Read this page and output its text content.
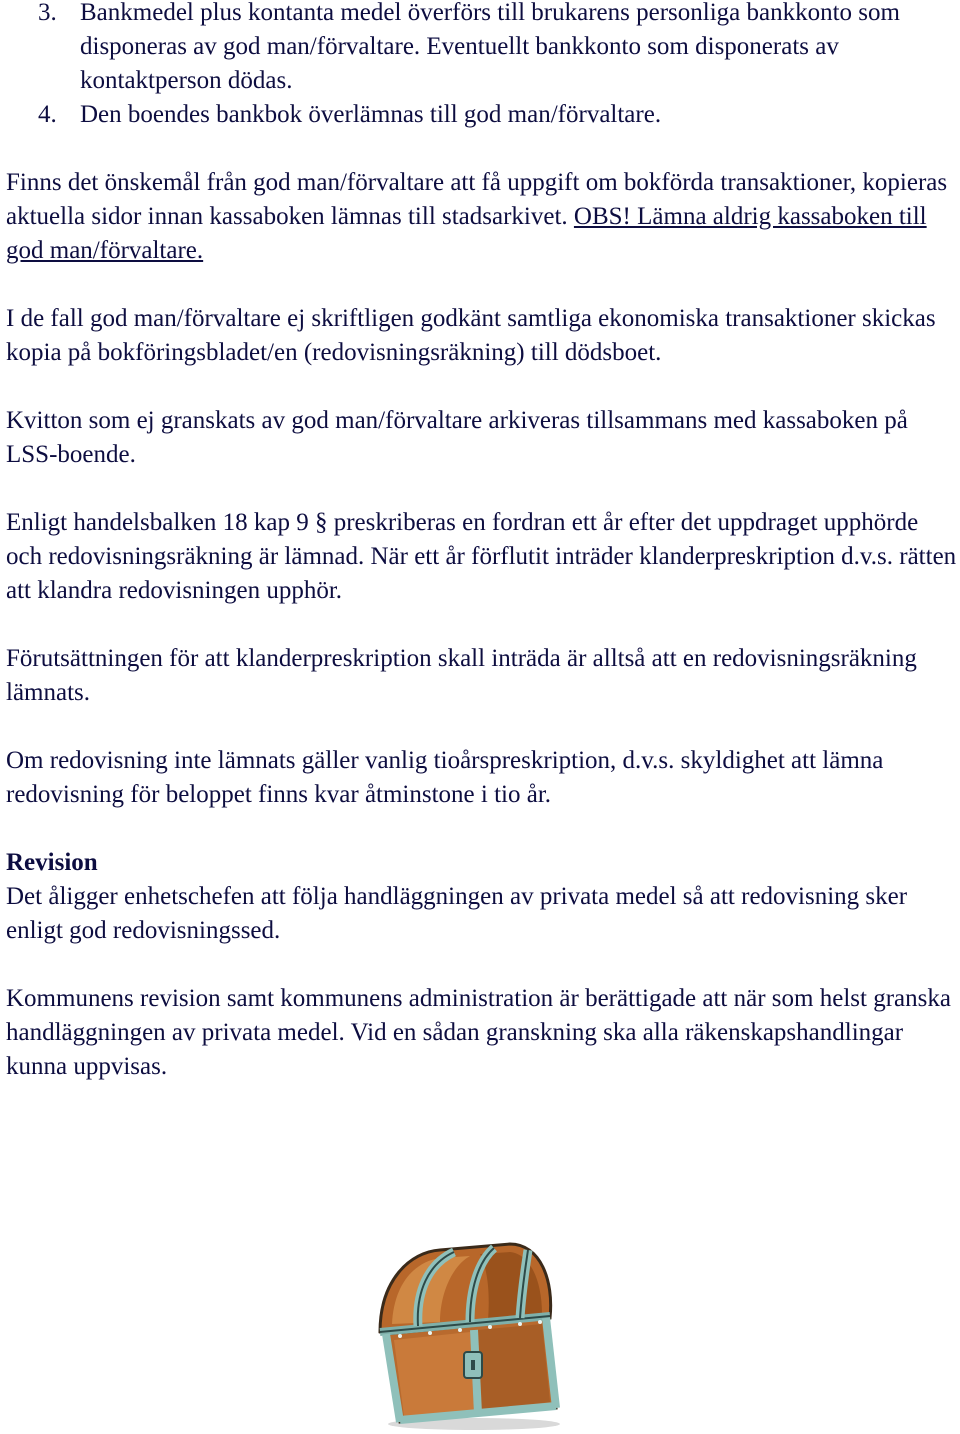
3. Bankmedel plus kontanta medel överförs till brukarens personliga bankkonto som disponeras av god man/förvaltare. Eventuellt bankkonto som disponerats av kontaktperson dödas.
4. Den boendes bankbok överlämnas till god man/förvaltare.

Finns det önskemål från god man/förvaltare att få uppgift om bokförda transaktioner, kopieras aktuella sidor innan kassaboken lämnas till stadsarkivet. OBS! Lämna aldrig kassaboken till god man/förvaltare.

I de fall god man/förvaltare ej skriftligen godkänt samtliga ekonomiska transaktioner skickas kopia på bokföringsbladet/en (redovisningsräkning) till dödsboet.

Kvitton som ej granskats av god man/förvaltare arkiveras tillsammans med kassaboken på LSS-boende.

Enligt handelsbalken 18 kap 9 § preskriberas en fordran ett år efter det uppdraget upphörde och redovisningsräkning är lämnad. När ett år förflutit inträder klanderpreskription d.v.s. rätten att klandra redovisningen upphör.

Förutsättningen för att klanderpreskription skall inträda är alltså att en redovisningsräkning lämnats.

Om redovisning inte lämnats gäller vanlig tioårspreskription, d.v.s. skyldighet att lämna redovisning för beloppet finns kvar åtminstone i tio år.

Revision

Det åligger enhetschefen att följa handläggningen av privata medel så att redovisning sker enligt god redovisningssed.

Kommunens revision samt kommunens administration är berättigade att när som helst granska handläggningen av privata medel. Vid en sådan granskning ska alla räkenskapshandlingar kunna uppvisas.
